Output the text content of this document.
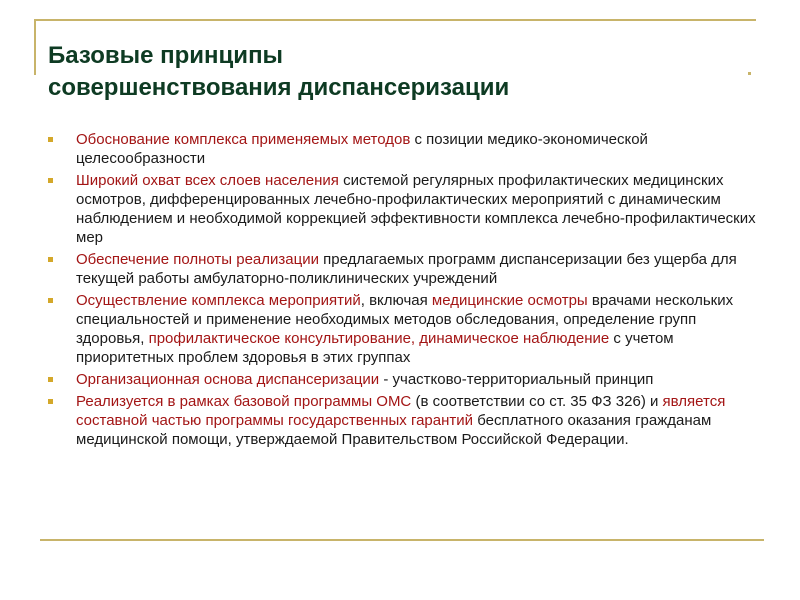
Базовые принципы
совершенствования диспансеризации
Обоснование комплекса применяемых методов с позиции медико-экономической целесообразности
Широкий охват всех слоев населения системой регулярных профилактических медицинских осмотров, дифференцированных лечебно-профилактических мероприятий с динамическим наблюдением и необходимой коррекцией эффективности комплекса лечебно-профилактических мер
Обеспечение полноты реализации предлагаемых программ диспансеризации без ущерба для текущей работы амбулаторно-поликлинических учреждений
Осуществление комплекса мероприятий, включая медицинские осмотры врачами нескольких специальностей и применение необходимых методов обследования, определение групп здоровья, профилактическое консультирование, динамическое наблюдение с учетом приоритетных проблем здоровья в этих группах
Организационная основа диспансеризации - участково-территориальный принцип
Реализуется в рамках базовой программы ОМС (в соответствии со ст. 35 ФЗ 326) и является составной частью программы государственных гарантий бесплатного оказания гражданам медицинской помощи, утверждаемой Правительством Российской Федерации.
